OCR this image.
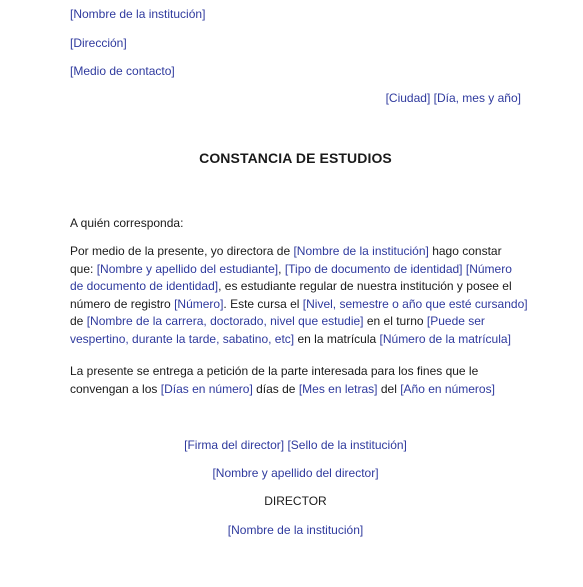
[Nombre de la institución]
[Dirección]
[Medio de contacto]
[Ciudad] [Día, mes y año]
CONSTANCIA DE ESTUDIOS
A quién corresponda:
Por medio de la presente, yo directora de [Nombre de la institución] hago constar que: [Nombre y apellido del estudiante], [Tipo de documento de identidad] [Número de documento de identidad], es estudiante regular de nuestra institución y posee el número de registro [Número]. Este cursa el [Nivel, semestre o año que esté cursando] de [Nombre de la carrera, doctorado, nivel que estudie] en el turno [Puede ser vespertino, durante la tarde, sabatino, etc] en la matrícula [Número de la matrícula]
La presente se entrega a petición de la parte interesada para los fines que le convengan a los [Días en número] días de [Mes en letras] del [Año en números]
[Firma del director] [Sello de la institución]
[Nombre y apellido del director]
DIRECTOR
[Nombre de la institución]
